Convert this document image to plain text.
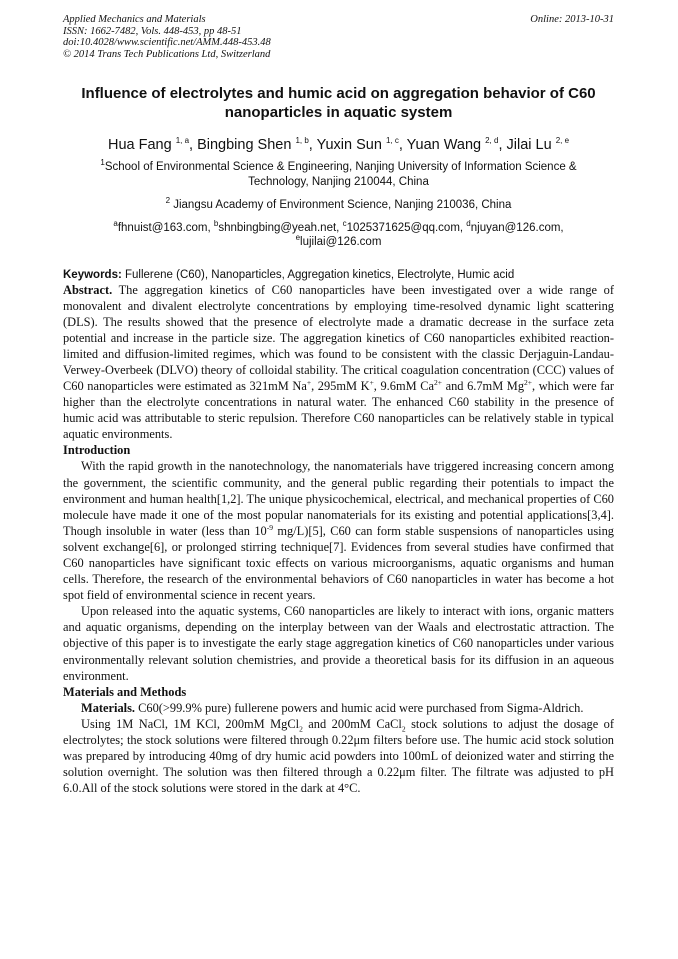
Applied Mechanics and Materials
ISSN: 1662-7482, Vols. 448-453, pp 48-51
doi:10.4028/www.scientific.net/AMM.448-453.48
© 2014 Trans Tech Publications Ltd, Switzerland
Online: 2013-10-31
Influence of electrolytes and humic acid on aggregation behavior of C60
nanoparticles in aquatic system
Hua Fang $^{1, a}$, Bingbing Shen $^{1, b}$, Yuxin Sun $^{1, c}$, Yuan Wang $^{2, d}$, Jilai Lu $^{2, e}$
$^1$School of Environmental Science & Engineering, Nanjing University of Information Science &
Technology, Nanjing 210044, China
$^2$ Jiangsu Academy of Environment Science, Nanjing 210036, China
$^a$fhnuist@163.com, $^b$shnbingbing@yeah.net, $^c$1025371625@qq.com, $^d$njuyan@126.com,
$^e$lujilai@126.com
Keywords: Fullerene (C60), Nanoparticles, Aggregation kinetics, Electrolyte, Humic acid

Abstract. The aggregation kinetics of C60 nanoparticles have been investigated over a wide range of monovalent and divalent electrolyte concentrations by employing time-resolved dynamic light scattering (DLS). The results showed that the presence of electrolyte made a dramatic decrease in the surface zeta potential and increase in the particle size. The aggregation kinetics of C60 nanoparticles exhibited reaction-limited and diffusion-limited regimes, which was found to be consistent with the classic Derjaguin-Landau-Verwey-Overbeek (DLVO) theory of colloidal stability. The critical coagulation concentration (CCC) values of C60 nanoparticles were estimated as 321mM Na+, 295mM K+, 9.6mM $Ca^{2+}$ and 6.7mM $Mg^{2+}$, which were far higher than the electrolyte concentrations in natural water. The enhanced C60 stability in the presence of humic acid was attributable to steric repulsion. Therefore C60 nanoparticles can be relatively stable in typical aquatic environments.

Introduction

With the rapid growth in the nanotechnology, the nanomaterials have triggered increasing concern among the government, the scientific community, and the general public regarding their potentials to impact the environment and human health[1,2]. The unique physicochemical, electrical, and mechanical properties of C60 molecule have made it one of the most popular nanomaterials for its existing and potential applications[3,4]. Though insoluble in water (less than $10^{-9}$ mg/L)[5], C60 can form stable suspensions of nanoparticles using solvent exchange[6], or prolonged stirring technique[7]. Evidences from several studies have confirmed that C60 nanoparticles have significant toxic effects on various microorganisms, aquatic organisms and human cells. Therefore, the research of the environmental behaviors of C60 nanoparticles in water has become a hot spot field of environmental science in recent years.

Upon released into the aquatic systems, C60 nanoparticles are likely to interact with ions, organic matters and aquatic organisms, depending on the interplay between van der Waals and electrostatic attraction. The objective of this paper is to investigate the early stage aggregation kinetics of C60 nanoparticles under various environmentally relevant solution chemistries, and provide a theoretical basis for its diffusion in an aqueous environment.

Materials and Methods

Materials. C60(>99.9% pure) fullerene powers and humic acid were purchased from Sigma-Aldrich.

Using 1M NaCl, 1M KCl, 200mM MgCl$_2$ and 200mM CaCl$_2$ stock solutions to adjust the dosage of electrolytes; the stock solutions were filtered through 0.22μm filters before use. The humic acid stock solution was prepared by introducing 40mg of dry humic acid powders into 100mL of deionized water and stirring the solution overnight. The solution was then filtered through a 0.22μm filter. The filtrate was adjusted to pH 6.0.All of the stock solutions were stored in the dark at 4°C.
